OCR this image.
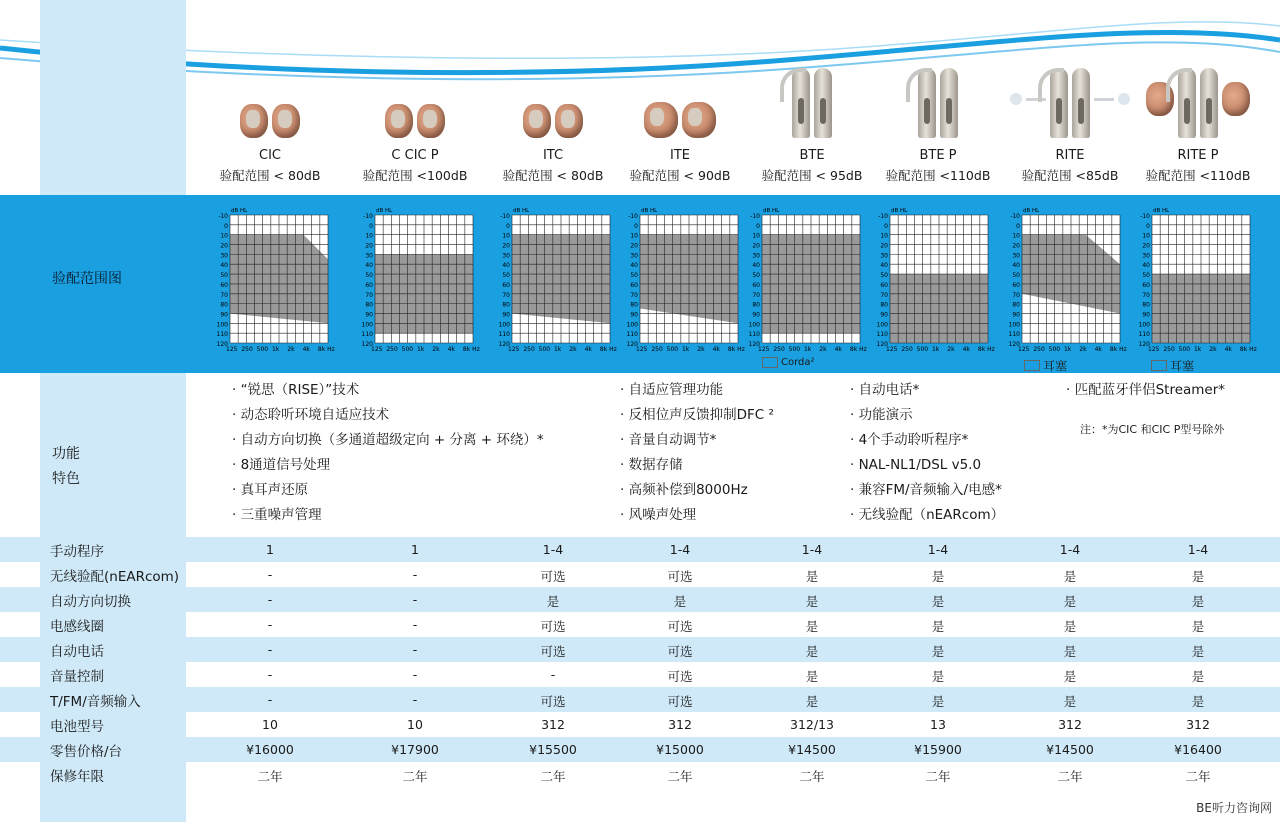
CIC
验配范围 < 80dB
C CIC P
验配范围 <100dB
ITC
验配范围 < 80dB
ITE
验配范围 < 90dB
BTE
验配范围 < 95dB
BTE P
验配范围 <110dB
RITE
验配范围 <85dB
RITE P
验配范围 <110dB
验配范围图
-10
0
10
20
30
40
50
60
70
80
90
100
110
120
dB HL
125 250 500 1k 2k 4k 8k Hz
-10
0
10
20
30
40
50
60
70
80
90
100
110
120
dB HL
125 250 500 1k 2k 4k 8k Hz
-10
0
10
20
30
40
50
60
70
80
90
100
110
120
dB HL
125 250 500 1k 2k 4k 8k Hz
-10
0
10
20
30
40
50
60
70
80
90
100
110
120
dB HL
125 250 500 1k 2k 4k 8k Hz
-10
0
10
20
30
40
50
60
70
80
90
100
110
120
dB HL
125 250 500 1k 2k 4k 8k Hz
-10
0
10
20
30
40
50
60
70
80
90
100
110
120
dB HL
125 250 500 1k 2k 4k 8k Hz
-10
0
10
20
30
40
50
60
70
80
90
100
110
120
dB HL
125 250 500 1k 2k 4k 8k Hz
-10
0
10
20
30
40
50
60
70
80
90
100
110
120
dB HL
125 250 500 1k 2k 4k 8k Hz
Corda²	耳塞	耳塞
功能
特色
· “锐思（RISE）”技术
· 动态聆听环境自适应技术
· 自动方向切换（多通道超级定向 + 分离 + 环绕）*
· 8通道信号处理
· 真耳声还原
· 三重噪声管理
· 自适应管理功能
· 反相位声反馈抑制DFC ²
· 音量自动调节*
· 数据存储
· 高频补偿到8000Hz
· 风噪声处理
· 自动电话*
· 功能演示
· 4个手动聆听程序*
· NAL-NL1/DSL v5.0
· 兼容FM/音频输入/电感*
· 无线验配（nEARcom）
· 匹配蓝牙伴侣Streamer*
注：*为CIC 和CIC P型号除外
手动程序	1	1	1-4	1-4	1-4	1-4	1-4	1-4
无线验配(nEARcom)	-	-	可选	可选	是	是	是	是
自动方向切换	-	-	是	是	是	是	是	是
电感线圈	-	-	可选	可选	是	是	是	是
自动电话	-	-	可选	可选	是	是	是	是
音量控制	-	-	-	可选	是	是	是	是
T/FM/音频输入	-	-	可选	可选	是	是	是	是
电池型号	10	10	312	312	312/13	13	312	312
零售价格/台	¥16000	¥17900	¥15500	¥15000	¥14500	¥15900	¥14500	¥16400
保修年限	二年	二年	二年	二年	二年	二年	二年	二年
BE听力咨询网
